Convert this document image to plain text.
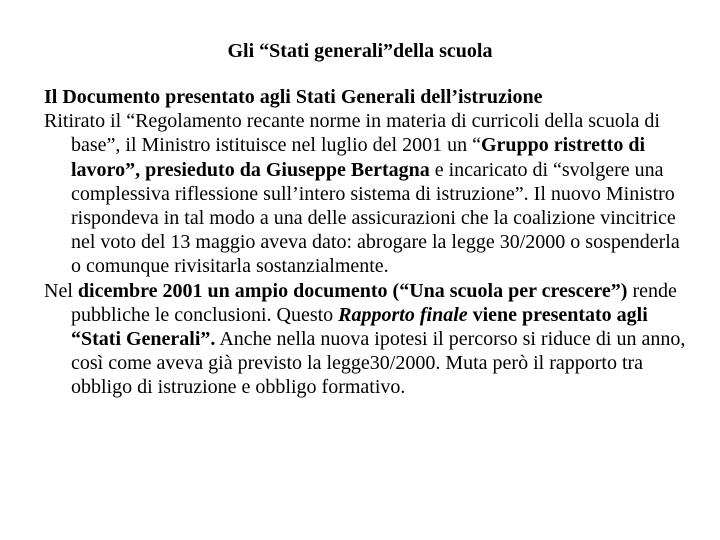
Gli “Stati generali”della scuola

Il Documento presentato agli Stati Generali dell’istruzione

Ritirato il “Regolamento recante norme in materia di curricoli della scuola di base”, il Ministro istituisce nel luglio del 2001 un “Gruppo ristretto di lavoro”, presieduto da Giuseppe Bertagna e incaricato di “svolgere una complessiva riflessione sull’intero sistema di istruzione”. Il nuovo Ministro rispondeva in tal modo a una delle assicurazioni che la coalizione vincitrice nel voto del 13 maggio aveva dato: abrogare la legge 30/2000 o sospenderla o comunque rivisitarla sostanzialmente.

Nel dicembre 2001 un ampio documento (“Una scuola per crescere”) rende pubbliche le conclusioni. Questo Rapporto finale viene presentato agli “Stati Generali”. Anche nella nuova ipotesi il percorso si riduce di un anno, così come aveva già previsto la legge30/2000. Muta però il rapporto tra obbligo di istruzione e obbligo formativo.
